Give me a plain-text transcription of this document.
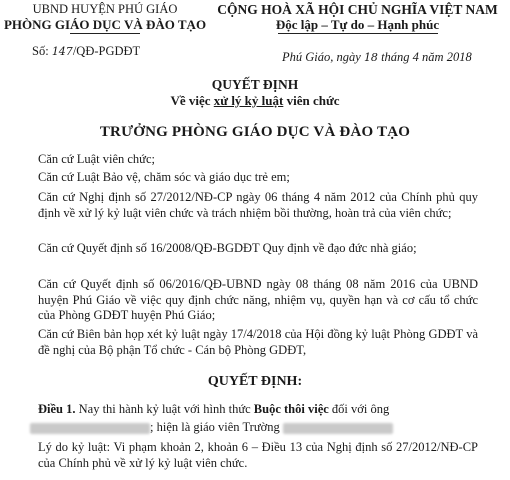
UBND HUYỆN PHÚ GIÁO
PHÒNG GIÁO DỤC VÀ ĐÀO TẠO
CỘNG HOÀ XÃ HỘI CHỦ NGHĨA VIỆT NAM
Độc lập – Tự do – Hạnh phúc
Số: 147/QĐ-PGDĐT	Phú Giáo, ngày 18 tháng 4 năm 2018
QUYẾT ĐỊNH
Về việc xử lý kỷ luật viên chức
TRƯỞNG PHÒNG GIÁO DỤC VÀ ĐÀO TẠO
Căn cứ Luật viên chức;
Căn cứ Luật Bảo vệ, chăm sóc và giáo dục trẻ em;
Căn cứ Nghị định số 27/2012/NĐ-CP ngày 06 tháng 4 năm 2012 của Chính phủ quy định về xử lý kỷ luật viên chức và trách nhiệm bồi thường, hoàn trả của viên chức;
Căn cứ Quyết định số 16/2008/QĐ-BGDĐT Quy định về đạo đức nhà giáo;
Căn cứ Quyết định số 06/2016/QĐ-UBND ngày 08 tháng 08 năm 2016 của UBND huyện Phú Giáo về việc quy định chức năng, nhiệm vụ, quyền hạn và cơ cấu tổ chức của Phòng GDĐT huyện Phú Giáo;
Căn cứ Biên bản họp xét kỷ luật ngày 17/4/2018 của Hội đồng kỷ luật Phòng GDĐT và đề nghị của Bộ phận Tổ chức - Cán bộ Phòng GDĐT,
QUYẾT ĐỊNH:
Điều 1. Nay thi hành kỷ luật với hình thức Buộc thôi việc đối với ông
; hiện là giáo viên Trường
Lý do kỷ luật: Vi phạm khoản 2, khoản 6 – Điều 13 của Nghị định số 27/2012/NĐ-CP của Chính phủ về xử lý kỷ luật viên chức.
